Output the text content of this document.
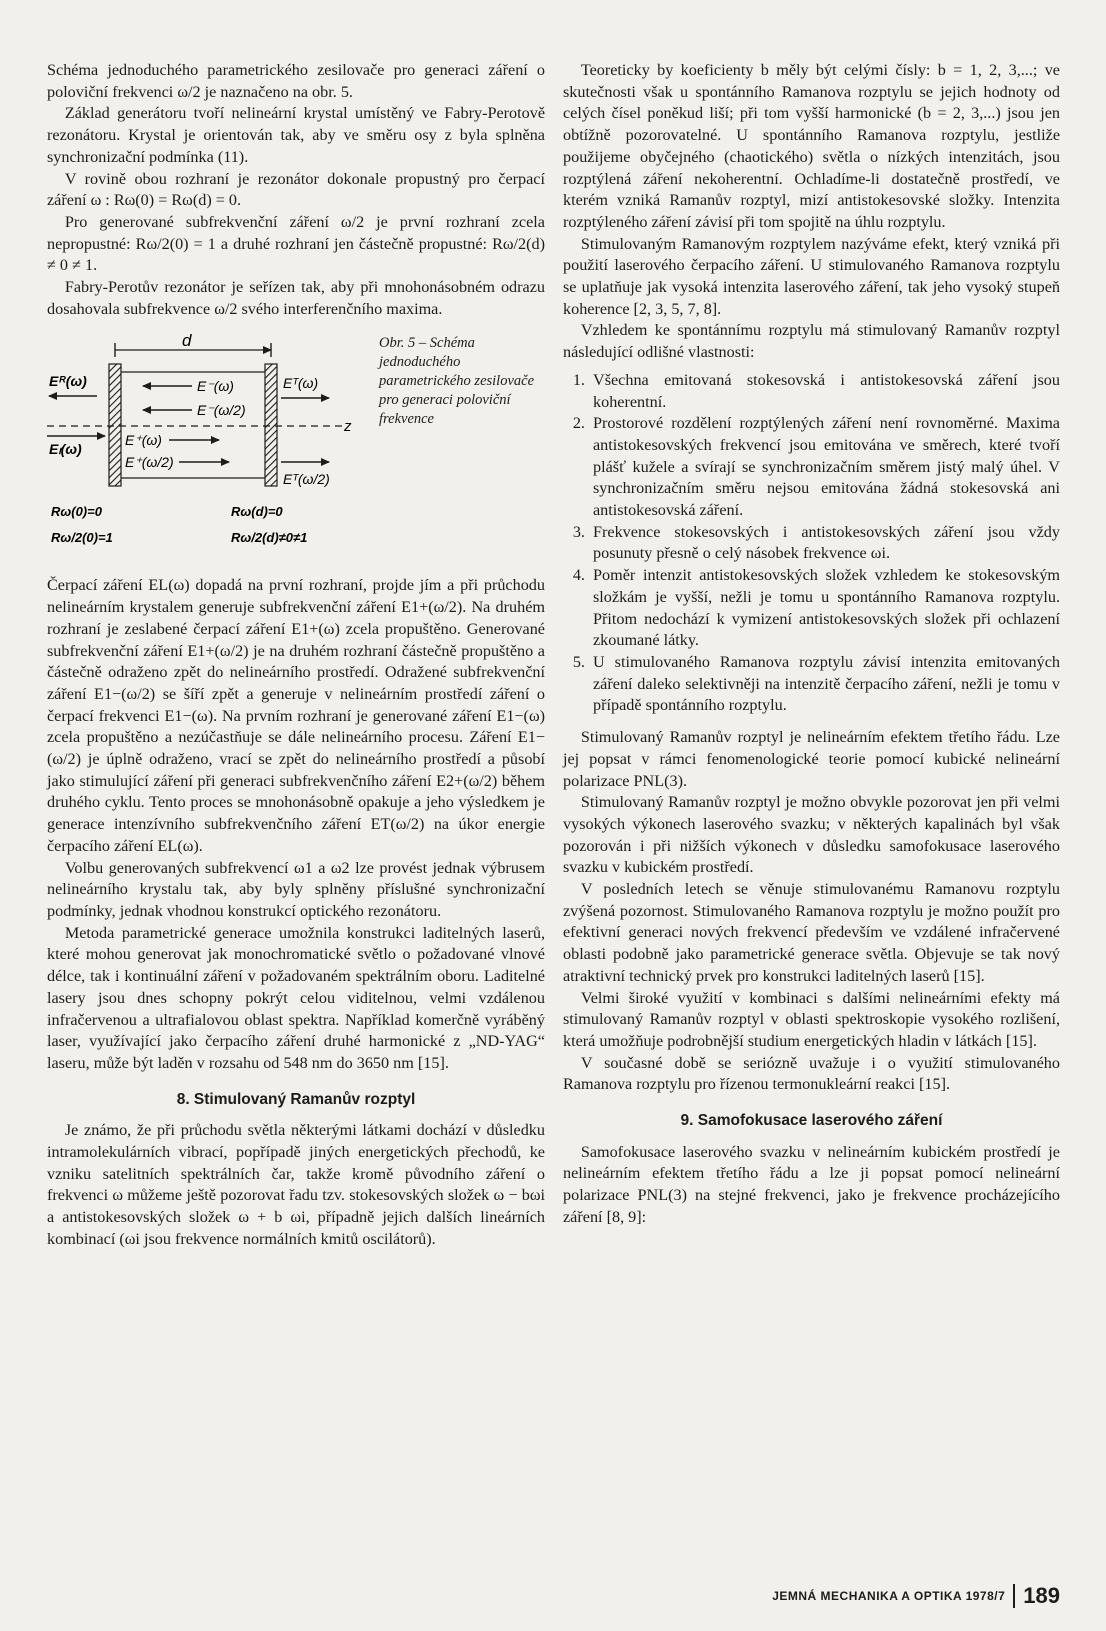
Schéma jednoduchého parametrického zesilovače pro generaci záření o poloviční frekvenci ω/2 je naznačeno na obr. 5.

Základ generátoru tvoří nelineární krystal umístěný ve Fabry-Perotově rezonátoru. Krystal je orientován tak, aby ve směru osy z byla splněna synchronizační podmínka (11).

V rovině obou rozhraní je rezonátor dokonale propustný pro čerpací záření ω : Rω(0) = Rω(d) = 0.

Pro generované subfrekvenční záření ω/2 je první rozhraní zcela nepropustné: Rω/2(0) = 1 a druhé rozhraní jen částečně propustné: Rω/2(d) ≠ 0 ≠ 1.

Fabry-Perotův rezonátor je seřízen tak, aby při mnohonásobném odrazu dosahovala subfrekvence ω/2 svého interferenčního maxima.

d
z
Eᴿ(ω)
Eₗ(ω)
E⁻(ω)
E⁻(ω/2)
E⁺(ω)
E⁺(ω/2)
Eᵀ(ω)
Eᵀ(ω/2)
Rω(0)=0
Rω/2(0)=1
Rω(d)=0
Rω/2(d)≠0≠1
Obr. 5 – Schéma jednoduchého parametrického zesilovače pro generaci poloviční frekvence

Čerpací záření EL(ω) dopadá na první rozhraní, projde jím a při průchodu nelineárním krystalem generuje subfrekvenční záření E1+(ω/2). Na druhém rozhraní je zeslabené čerpací záření E1+(ω) zcela propuštěno. Generované subfrekvenční záření E1+(ω/2) je na druhém rozhraní částečně propuštěno a částečně odraženo zpět do nelineárního prostředí. Odražené subfrekvenční záření E1−(ω/2) se šíří zpět a generuje v nelineárním prostředí záření o čerpací frekvenci E1−(ω). Na prvním rozhraní je generované záření E1−(ω) zcela propuštěno a nezúčastňuje se dále nelineárního procesu. Záření E1−(ω/2) je úplně odraženo, vrací se zpět do nelineárního prostředí a působí jako stimulující záření při generaci subfrekvenčního záření E2+(ω/2) během druhého cyklu. Tento proces se mnohonásobně opakuje a jeho výsledkem je generace intenzívního subfrekvenčního záření ET(ω/2) na úkor energie čerpacího záření EL(ω).

Volbu generovaných subfrekvencí ω1 a ω2 lze provést jednak výbrusem nelineárního krystalu tak, aby byly splněny příslušné synchronizační podmínky, jednak vhodnou konstrukcí optického rezonátoru.

Metoda parametrické generace umožnila konstrukci laditelných laserů, které mohou generovat jak monochromatické světlo o požadované vlnové délce, tak i kontinuální záření v požadovaném spektrálním oboru. Laditelné lasery jsou dnes schopny pokrýt celou viditelnou, velmi vzdálenou infračervenou a ultrafialovou oblast spektra. Například komerčně vyráběný laser, využívající jako čerpacího záření druhé harmonické z „ND-YAG“ laseru, může být laděn v rozsahu od 548 nm do 3650 nm [15].

8. Stimulovaný Ramanův rozptyl

Je známo, že při průchodu světla některými látkami dochází v důsledku intramolekulárních vibrací, popřípadě jiných energetických přechodů, ke vzniku satelitních spektrálních čar, takže kromě původního záření o frekvenci ω můžeme ještě pozorovat řadu tzv. stokesovských složek ω − bωi a antistokesovských složek ω + b ωi, případně jejich dalších lineárních kombinací (ωi jsou frekvence normálních kmitů oscilátorů).

Teoreticky by koeficienty b měly být celými čísly: b = 1, 2, 3,...; ve skutečnosti však u spontánního Ramanova rozptylu se jejich hodnoty od celých čísel poněkud liší; při tom vyšší harmonické (b = 2, 3,...) jsou jen obtížně pozorovatelné. U spontánního Ramanova rozptylu, jestliže použijeme obyčejného (chaotického) světla o nízkých intenzitách, jsou rozptýlená záření nekoherentní. Ochladíme-li dostatečně prostředí, ve kterém vzniká Ramanův rozptyl, mizí antistokesovské složky. Intenzita rozptýleného záření závisí při tom spojitě na úhlu rozptylu.

Stimulovaným Ramanovým rozptylem nazýváme efekt, který vzniká při použití laserového čerpacího záření. U stimulovaného Ramanova rozptylu se uplatňuje jak vysoká intenzita laserového záření, tak jeho vysoký stupeň koherence [2, 3, 5, 7, 8].

Vzhledem ke spontánnímu rozptylu má stimulovaný Ramanův rozptyl následující odlišné vlastnosti:

1. Všechna emitovaná stokesovská i antistokesovská záření jsou koherentní.
2. Prostorové rozdělení rozptýlených záření není rovnoměrné. Maxima antistokesovských frekvencí jsou emitována ve směrech, které tvoří plášť kužele a svírají se synchronizačním směrem jistý malý úhel. V synchronizačním směru nejsou emitována žádná stokesovská ani antistokesovská záření.
3. Frekvence stokesovských i antistokesovských záření jsou vždy posunuty přesně o celý násobek frekvence ωi.
4. Poměr intenzit antistokesovských složek vzhledem ke stokesovským složkám je vyšší, nežli je tomu u spontánního Ramanova rozptylu. Přitom nedochází k vymizení antistokesovských složek při ochlazení zkoumané látky.
5. U stimulovaného Ramanova rozptylu závisí intenzita emitovaných záření daleko selektivněji na intenzitě čerpacího záření, nežli je tomu v případě spontánního rozptylu.

Stimulovaný Ramanův rozptyl je nelineárním efektem třetího řádu. Lze jej popsat v rámci fenomenologické teorie pomocí kubické nelineární polarizace PNL(3).

Stimulovaný Ramanův rozptyl je možno obvykle pozorovat jen při velmi vysokých výkonech laserového svazku; v některých kapalinách byl však pozorován i při nižších výkonech v důsledku samofokusace laserového svazku v kubickém prostředí.

V posledních letech se věnuje stimulovanému Ramanovu rozptylu zvýšená pozornost. Stimulovaného Ramanova rozptylu je možno použít pro efektivní generaci nových frekvencí především ve vzdálené infračervené oblasti podobně jako parametrické generace světla. Objevuje se tak nový atraktivní technický prvek pro konstrukci laditelných laserů [15].

Velmi široké využití v kombinaci s dalšími nelineárními efekty má stimulovaný Ramanův rozptyl v oblasti spektroskopie vysokého rozlišení, která umožňuje podrobnější studium energetických hladin v látkách [15].

V současné době se seriózně uvažuje i o využití stimulovaného Ramanova rozptylu pro řízenou termonukleární reakci [15].

9. Samofokusace laserového záření

Samofokusace laserového svazku v nelineárním kubickém prostředí je nelineárním efektem třetího řádu a lze ji popsat pomocí nelineární polarizace PNL(3) na stejné frekvenci, jako je frekvence procházejícího záření [8, 9]:

JEMNÁ MECHANIKA A OPTIKA 1978/7 189
